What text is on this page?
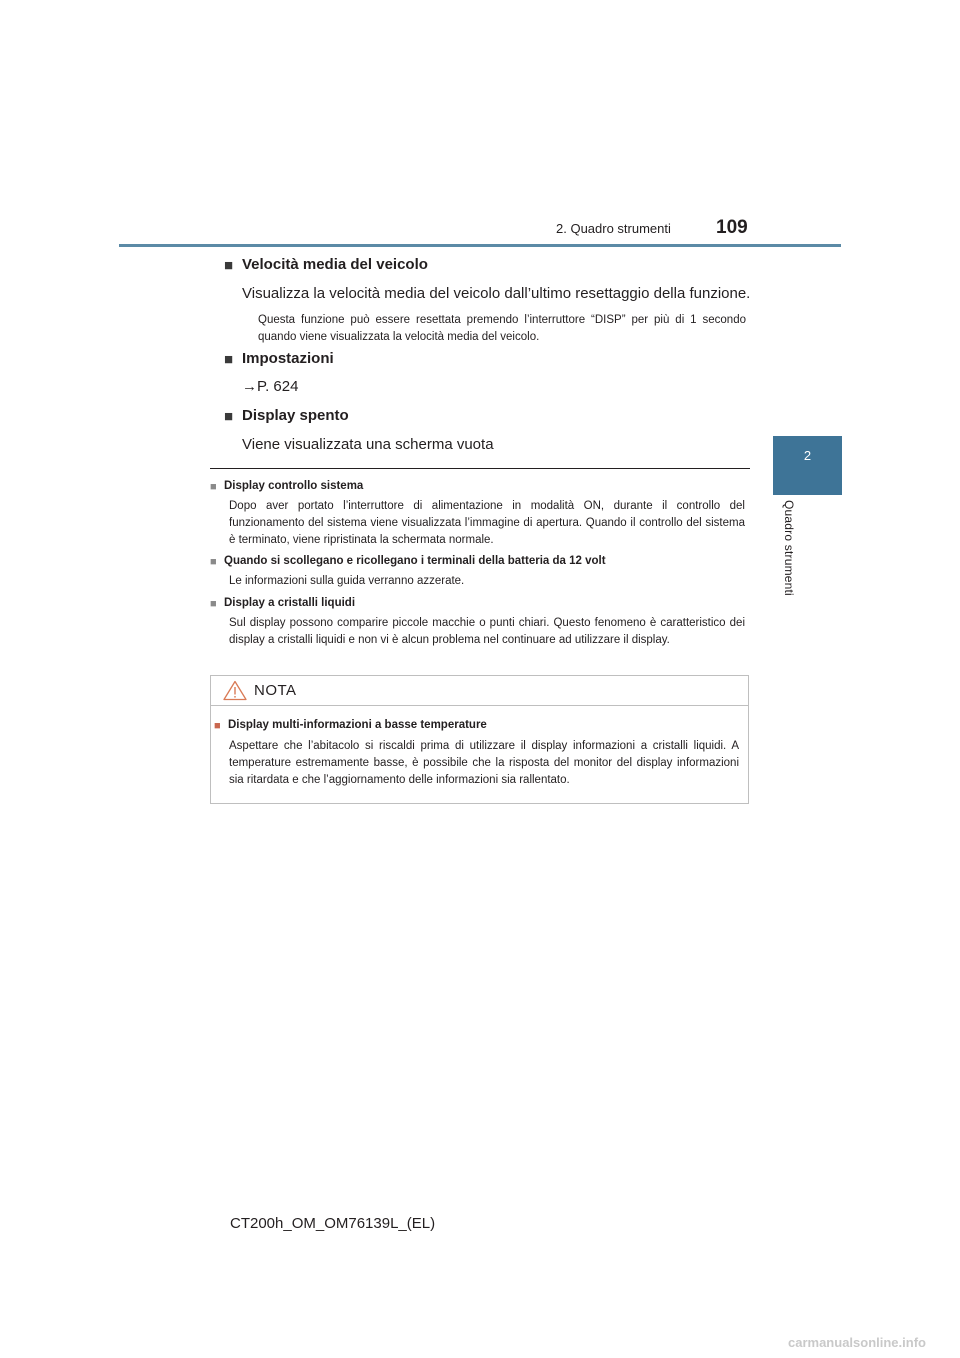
2. Quadro strumenti 109
2
Quadro strumenti
■ Velocità media del veicolo
Visualizza la velocità media del veicolo dall’ultimo resettaggio della funzione.
Questa funzione può essere resettata premendo l’interruttore “DISP” per più di 1 secondo quando viene visualizzata la velocità media del veicolo.
■ Impostazioni
→P. 624
■ Display spento
Viene visualizzata una scherma vuota
■ Display controllo sistema
Dopo aver portato l’interruttore di alimentazione in modalità ON, durante il controllo del funzionamento del sistema viene visualizzata l’immagine di apertura. Quando il controllo del sistema è terminato, viene ripristinata la schermata normale.
■ Quando si scollegano e ricollegano i terminali della batteria da 12 volt
Le informazioni sulla guida verranno azzerate.
■ Display a cristalli liquidi
Sul display possono comparire piccole macchie o punti chiari. Questo fenomeno è caratteristico dei display a cristalli liquidi e non vi è alcun problema nel continuare ad utilizzare il display.
NOTA
■ Display multi-informazioni a basse temperature
Aspettare che l’abitacolo si riscaldi prima di utilizzare il display informazioni a cristalli liquidi. A temperature estremamente basse, è possibile che la risposta del monitor del display informazioni sia ritardata e che l’aggiornamento delle informazioni sia rallentato.
CT200h_OM_OM76139L_(EL)
carmanualsonline.info
